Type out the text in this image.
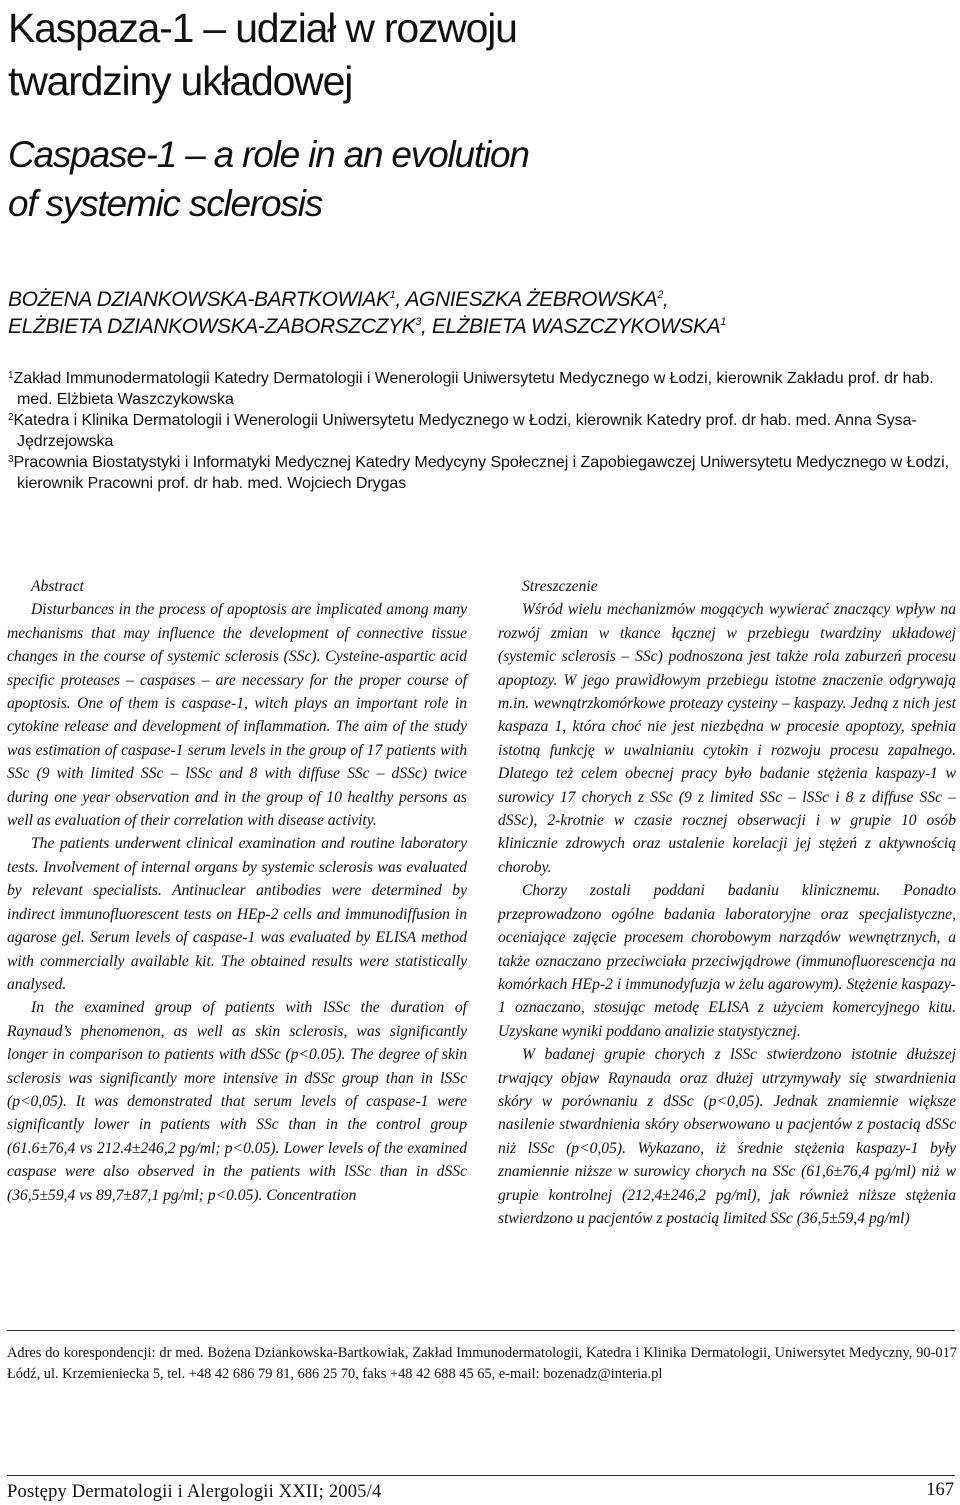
Kaspaza-1 – udział w rozwoju
twardziny układowej
Caspase-1 – a role in an evolution
of systemic sclerosis

BOŻENA DZIANKOWSKA-BARTKOWIAK$^1$, AGNIESZKA ŻEBROWSKA$^2$,

ELŻBIETA DZIANKOWSKA-ZABORSZCZYK$^3$, ELŻBIETA WASZCZYKOWSKA$^1$

$^1$Zakład Immunodermatologii Katedry Dermatologii i Wenerologii Uniwersytetu Medycznego w Łodzi, kierownik Zakładu prof. dr hab. med. Elżbieta Waszczykowska

$^2$Katedra i Klinika Dermatologii i Wenerologii Uniwersytetu Medycznego w Łodzi, kierownik Katedry prof. dr hab. med. Anna Sysa-Jędrzejowska

$^3$Pracownia Biostatystyki i Informatyki Medycznej Katedry Medycyny Społecznej i Zapobiegawczej Uniwersytetu Medycznego w Łodzi, kierownik Pracowni prof. dr hab. med. Wojciech Drygas

Abstract

Disturbances in the process of apoptosis are implicated among many mechanisms that may influence the development of connective tissue changes in the course of systemic sclerosis (SSc). Cysteine-aspartic acid specific proteases – caspases – are necessary for the proper course of apoptosis. One of them is caspase-1, witch plays an important role in cytokine release and development of inflammation. The aim of the study was estimation of caspase-1 serum levels in the group of 17 patients with SSc (9 with limited SSc – lSSc and 8 with diffuse SSc – dSSc) twice during one year observation and in the group of 10 healthy persons as well as evaluation of their correlation with disease activity.

The patients underwent clinical examination and routine laboratory tests. Involvement of internal organs by systemic sclerosis was evaluated by relevant specialists. Antinuclear antibodies were determined by indirect immunofluorescent tests on HEp-2 cells and immunodiffusion in agarose gel. Serum levels of caspase-1 was evaluated by ELISA method with commercially available kit. The obtained results were statistically analysed.

In the examined group of patients with lSSc the duration of Raynaud’s phenomenon, as well as skin sclerosis, was significantly longer in comparison to patients with dSSc (p<0.05). The degree of skin sclerosis was significantly more intensive in dSSc group than in lSSc (p<0,05). It was demonstrated that serum levels of caspase-1 were significantly lower in patients with SSc than in the control group (61.6±76,4 vs 212.4±246,2 pg/ml; p<0.05). Lower levels of the examined caspase were also observed in the patients with lSSc than in dSSc (36,5±59,4 vs 89,7±87,1 pg/ml; p<0.05). Concentration

Streszczenie

Wśród wielu mechanizmów mogących wywierać znaczący wpływ na rozwój zmian w tkance łącznej w przebiegu twardziny układowej (systemic sclerosis – SSc) podnoszona jest także rola zaburzeń procesu apoptozy. W jego prawidłowym przebiegu istotne znaczenie odgrywają m.in. wewnątrzkomórkowe proteazy cysteiny – kaspazy. Jedną z nich jest kaspaza 1, która choć nie jest niezbędna w procesie apoptozy, spełnia istotną funkcję w uwalnianiu cytokin i rozwoju procesu zapalnego. Dlatego też celem obecnej pracy było badanie stężenia kaspazy-1 w surowicy 17 chorych z SSc (9 z limited SSc – lSSc i 8 z diffuse SSc – dSSc), 2-krotnie w czasie rocznej obserwacji i w grupie 10 osób klinicznie zdrowych oraz ustalenie korelacji jej stężeń z aktywnością choroby.

Chorzy zostali poddani badaniu klinicznemu. Ponadto przeprowadzono ogólne badania laboratoryjne oraz specjalistyczne, oceniające zajęcie procesem chorobowym narządów wewnętrznych, a także oznaczano przeciwciała przeciwjądrowe (immunofluorescencja na komórkach HEp-2 i immunodyfuzja w żelu agarowym). Stężenie kaspazy-1 oznaczano, stosując metodę ELISA z użyciem komercyjnego kitu. Uzyskane wyniki poddano analizie statystycznej.

W badanej grupie chorych z lSSc stwierdzono istotnie dłuższej trwający objaw Raynauda oraz dłużej utrzymywały się stwardnienia skóry w porównaniu z dSSc (p<0,05). Jednak znamiennie większe nasilenie stwardnienia skóry obserwowano u pacjentów z postacią dSSc niż lSSc (p<0,05). Wykazano, iż średnie stężenia kaspazy-1 były znamiennie niższe w surowicy chorych na SSc (61,6±76,4 pg/ml) niż w grupie kontrolnej (212,4±246,2 pg/ml), jak również niższe stężenia stwierdzono u pacjentów z postacią limited SSc (36,5±59,4 pg/ml)

Adres do korespondencji: dr med. Bożena Dziankowska-Bartkowiak, Zakład Immunodermatologii, Katedra i Klinika Dermatologii, Uniwersytet Medyczny, 90-017 Łódź, ul. Krzemieniecka 5, tel. +48 42 686 79 81, 686 25 70, faks +48 42 688 45 65, e-mail: bozenadz@interia.pl
Postępy Dermatologii i Alergologii XXII; 2005/4	167
